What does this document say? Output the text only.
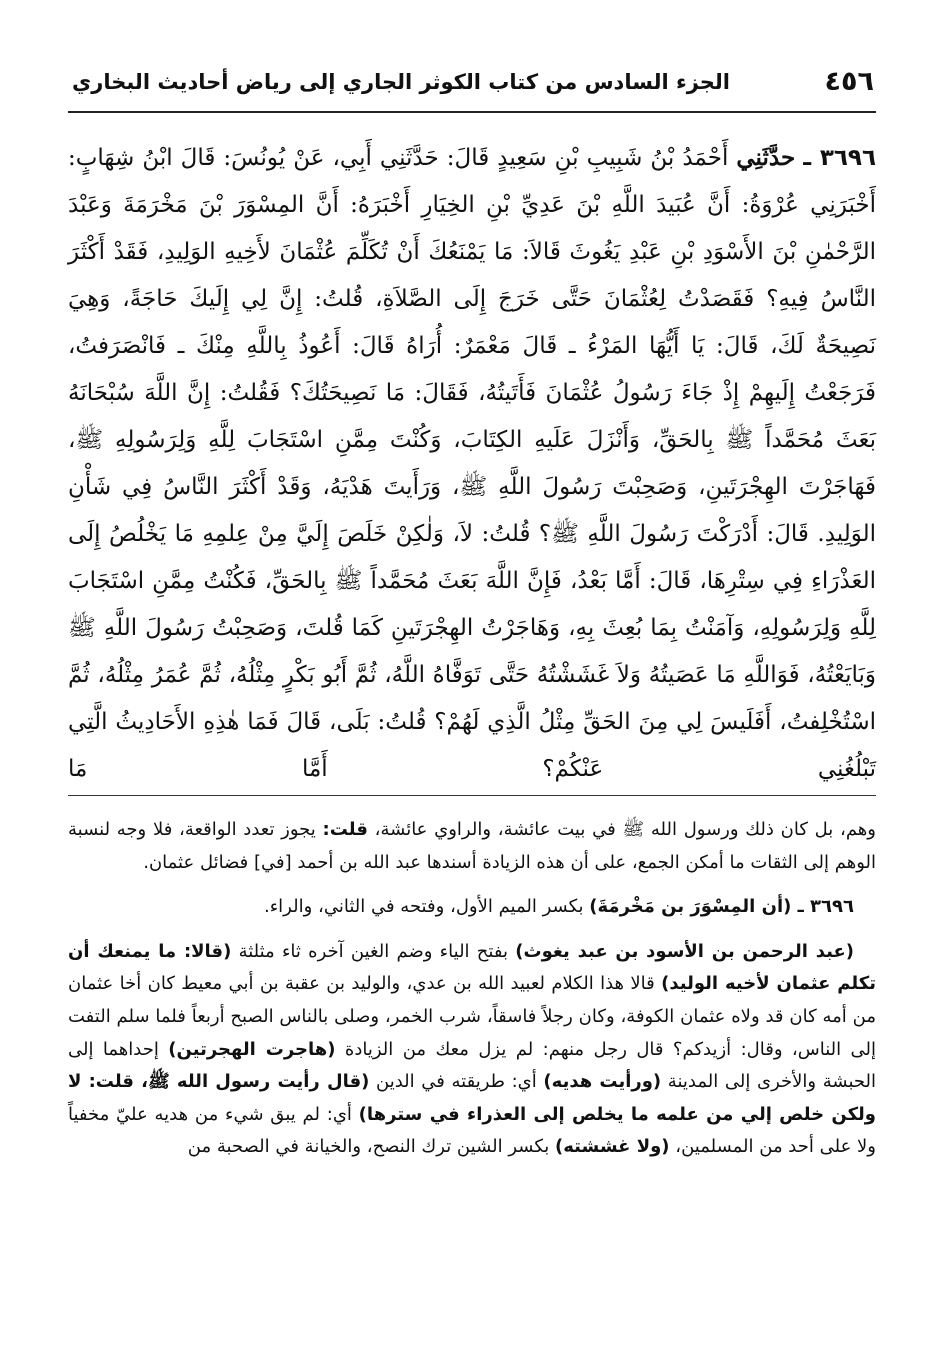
٤٥٦
الجزء السادس من كتاب الكوثر الجاري إلى رياض أحاديث البخاري

٣٦٩٦ ـ حدَّثَنِي أَحْمَدُ بْنُ شَبِيبِ بْنِ سَعِيدٍ قَالَ: حَدَّثَنِي أَبِي، عَنْ يُونُسَ: قَالَ ابْنُ شِهَابٍ: أَخْبَرَنِي عُرْوَةُ: أَنَّ عُبَيدَ اللَّهِ بْنَ عَدِيِّ بْنِ الخِيَارِ أَخْبَرَهُ: أَنَّ المِسْوَرَ بْنَ مَخْرَمَةَ وَعَبْدَ الرَّحْمٰنِ بْنَ الأَسْوَدِ بْنِ عَبْدِ يَغُوثَ قَالاَ: مَا يَمْنَعُكَ أَنْ تُكَلِّمَ عُثْمَانَ لأَخِيهِ الوَلِيدِ، فَقَدْ أَكْثَرَ النَّاسُ فِيهِ؟ فَقَصَدْتُ لِعُثْمَانَ حَتَّى خَرَجَ إِلَى الصَّلاَةِ، قُلتُ: إِنَّ لِي إِلَيكَ حَاجَةً، وَهِيَ نَصِيحَةٌ لَكَ، قَالَ: يَا أَيُّهَا المَرْءُ ـ قَالَ مَعْمَرٌ: أُرَاهُ قَالَ: أَعُوذُ بِاللَّهِ مِنْكَ ـ فَانْصَرَفتُ، فَرَجَعْتُ إِلَيهِمْ إِذْ جَاءَ رَسُولُ عُثْمَانَ فَأَتَيتُهُ، فَقَالَ: مَا نَصِيحَتُكَ؟ فَقُلتُ: إِنَّ اللَّهَ سُبْحَانَهُ بَعَثَ مُحَمَّداً ﷺ بِالحَقِّ، وَأَنْزَلَ عَلَيهِ الكِتَابَ، وَكُنْتَ مِمَّنِ اسْتَجَابَ لِلَّهِ وَلِرَسُولِهِ ﷺ، فَهَاجَرْتَ الهِجْرَتَينِ، وَصَحِبْتَ رَسُولَ اللَّهِ ﷺ، وَرَأَيتَ هَدْيَهُ، وَقَدْ أَكْثَرَ النَّاسُ فِي شَأْنِ الوَلِيدِ. قَالَ: أَدْرَكْتَ رَسُولَ اللَّهِ ﷺ؟ قُلتُ: لاَ، وَلٰكِنْ خَلَصَ إِلَيَّ مِنْ عِلمِهِ مَا يَخْلُصُ إِلَى العَذْرَاءِ فِي سِتْرِهَا، قَالَ: أَمَّا بَعْدُ، فَإِنَّ اللَّهَ بَعَثَ مُحَمَّداً ﷺ بِالحَقِّ، فَكُنْتُ مِمَّنِ اسْتَجَابَ لِلَّهِ وَلِرَسُولِهِ، وَآمَنْتُ بِمَا بُعِثَ بِهِ، وَهَاجَرْتُ الهِجْرَتَينِ كَمَا قُلتَ، وَصَحِبْتُ رَسُولَ اللَّهِ ﷺ وَبَايَعْتُهُ، فَوَاللَّهِ مَا عَصَيتُهُ وَلاَ غَشَشْتُهُ حَتَّى تَوَفَّاهُ اللَّهُ، ثُمَّ أَبُو بَكْرٍ مِثْلُهُ، ثُمَّ عُمَرُ مِثْلُهُ، ثُمَّ اسْتُخْلِفتُ، أَفَلَيسَ لِي مِنَ الحَقِّ مِثْلُ الَّذِي لَهُمْ؟ قُلتُ: بَلَى، قَالَ فَمَا هٰذِهِ الأَحَادِيثُ الَّتِي تَبْلُغُنِي عَنْكُمْ؟ أَمَّا مَا

وهم، بل كان ذلك ورسول الله ﷺ في بيت عائشة، والراوي عائشة، قلت: يجوز تعدد الواقعة، فلا وجه لنسبة الوهم إلى الثقات ما أمكن الجمع، على أن هذه الزيادة أسندها عبد الله بن أحمد [في] فضائل عثمان.

٣٦٩٦ ـ (أن المِسْوَرَ بن مَخْرمَةَ) بكسر الميم الأول، وفتحه في الثاني، والراء.

(عبد الرحمن بن الأسود بن عبد يغوث) بفتح الياء وضم الغين آخره ثاء مثلثة (قالا: ما يمنعك أن تكلم عثمان لأخيه الوليد) قالا هذا الكلام لعبيد الله بن عدي، والوليد بن عقبة بن أبي معيط كان أخا عثمان من أمه كان قد ولاه عثمان الكوفة، وكان رجلاً فاسقاً، شرب الخمر، وصلى بالناس الصبح أربعاً فلما سلم التفت إلى الناس، وقال: أزيدكم؟ قال رجل منهم: لم يزل معك من الزيادة (هاجرت الهجرتين) إحداهما إلى الحبشة والأخرى إلى المدينة (ورأيت هديه) أي: طريقته في الدين (قال رأيت رسول الله ﷺ، قلت: لا ولكن خلص إلي من علمه ما يخلص إلى العذراء في سترها) أي: لم يبق شيء من هديه عليّ مخفياً ولا على أحد من المسلمين، (ولا غششته) بكسر الشين ترك النصح، والخيانة في الصحبة من
